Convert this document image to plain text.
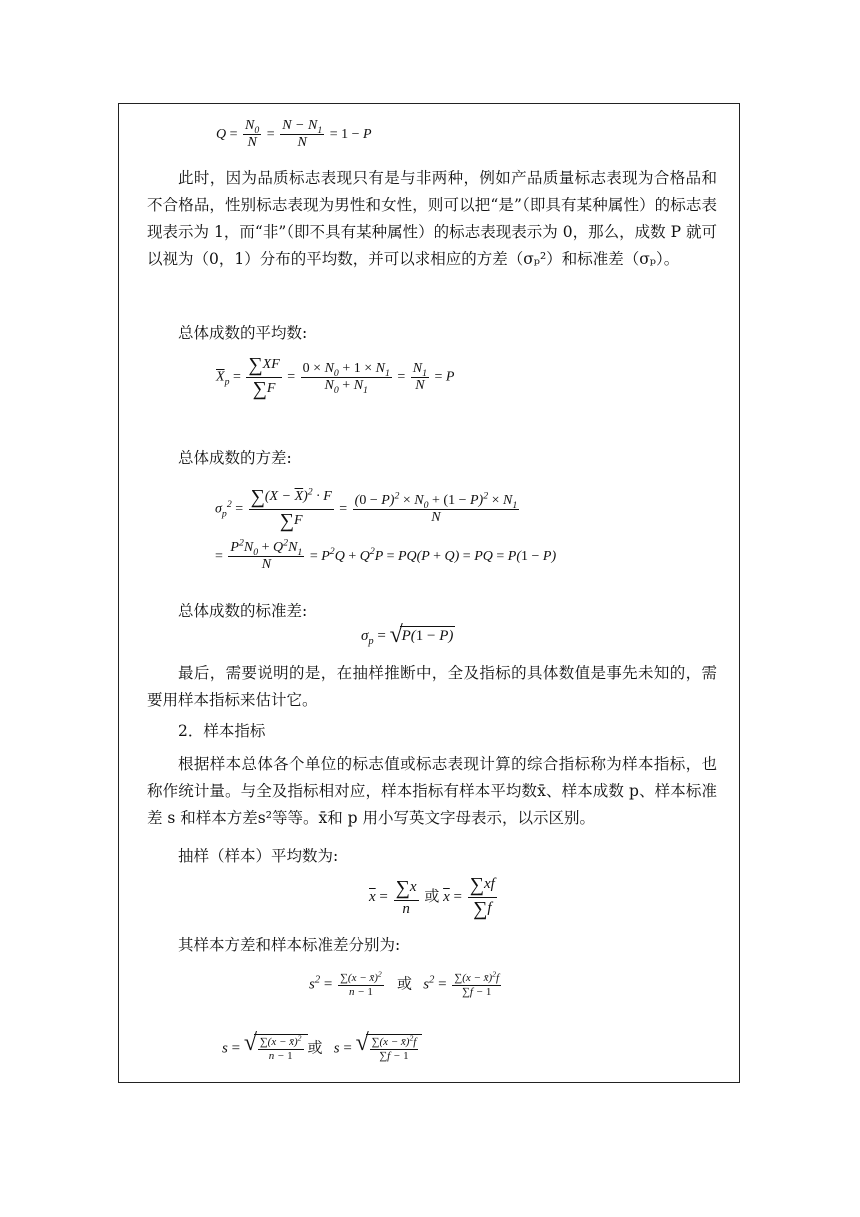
$Q = \frac{N_0}{N} = \frac{N - N_1}{N} = 1 - P$

此时，因为品质标志表现只有是与非两种，例如产品质量标志表现为合格品和不合格品，性别标志表现为男性和女性，则可以把“是”（即具有某种属性）的标志表现表示为 1，而“非”（即不具有某种属性）的标志表现表示为 0，那么，成数 P 就可以视为（0，1）分布的平均数，并可以求相应的方差（σₚ²）和标准差（σₚ）。

总体成数的平均数:

$\overline{X}_p = \frac{\sum XF}{\sum F} = \frac{0 \times N_0 + 1 \times N_1}{N_0 + N_1} = \frac{N_1}{N} = P$

总体成数的方差:

$\sigma_p^2 = \frac{\sum(X - \overline{X})^2 \cdot F}{\sum F} = \frac{(0 - P)^2 \times N_0 + (1 - P)^2 \times N_1}{N}$
= $\frac{P^2N_0 + Q^2N_1}{N} = P^2Q + Q^2P = PQ(P + Q)$ = PQ = P(1 − P)

总体成数的标准差:

$\sigma_p$ = √
P(1 − P)

最后，需要说明的是，在抽样推断中，全及指标的具体数值是事先未知的，需要用样本指标来估计它。

2．样本指标

根据样本总体各个单位的标志值或标志表现计算的综合指标称为样本指标，也称作统计量。与全及指标相对应，样本指标有样本平均数x̄、样本成数 p、样本标准差 s 和样本方差s²等等。x̄和 p 用小写英文字母表示，以示区别。

抽样（样本）平均数为:

$\overline{x} = \frac{\sum x}{n}$ 或 $\overline{x} = \frac{\sum xf}{\sum f}$

其样本方差和样本标准差分别为:

$s^2 = \frac{\sum(x - x̄)^2}{n - 1}$ 或   $s^2 = \frac{\sum(x - x̄)^2f}{\sum f - 1}$
s = √ $\frac{\sum(x - x̄)^2}{n - 1}$ 或   s = √ $\frac{\sum(x - x̄)^2f}{\sum f - 1}$
